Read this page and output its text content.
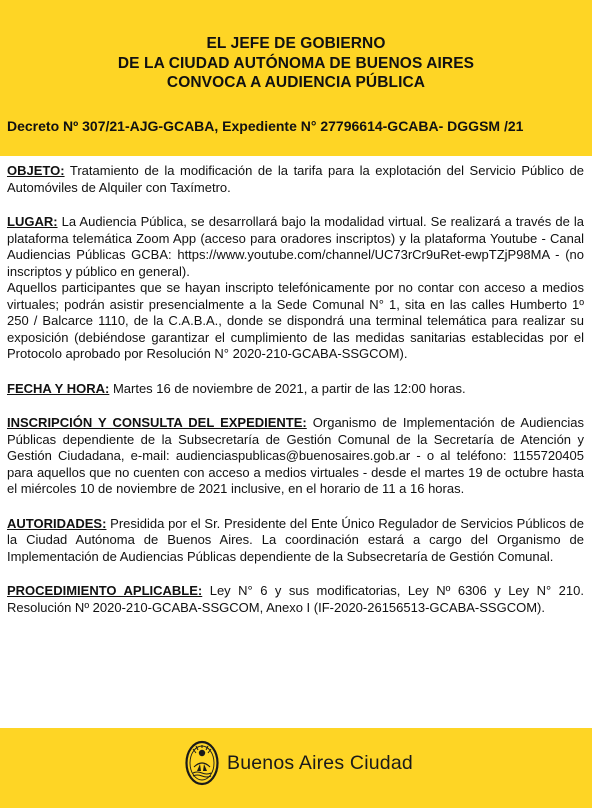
EL JEFE DE GOBIERNO
DE LA CIUDAD AUTÓNOMA DE BUENOS AIRES
CONVOCA A AUDIENCIA PÚBLICA
Decreto Nº 307/21-AJG-GCABA, Expediente N° 27796614-GCABA- DGGSM /21

OBJETO: Tratamiento de la modificación de la tarifa para la explotación del Servicio Público de Automóviles de Alquiler con Taxímetro.

LUGAR: La Audiencia Pública, se desarrollará bajo la modalidad virtual. Se realizará a través de la plataforma telemática Zoom App (acceso para oradores inscriptos) y la plataforma Youtube - Canal Audiencias Públicas GCBA: https://www.youtube.com/channel/UC73rCr9uRet-ewpTZjP98MA - (no inscriptos y público en general).

Aquellos participantes que se hayan inscripto telefónicamente por no contar con acceso a medios virtuales; podrán asistir presencialmente a la Sede Comunal N° 1, sita en las calles Humberto 1º 250 / Balcarce 1110, de la C.A.B.A., donde se dispondrá una terminal telemática para realizar su exposición (debiéndose garantizar el cumplimiento de las medidas sanitarias establecidas por el Protocolo aprobado por Resolución N° 2020-210-GCABA-SSGCOM).

FECHA Y HORA: Martes 16 de noviembre de 2021, a partir de las 12:00 horas.

INSCRIPCIÓN Y CONSULTA DEL EXPEDIENTE: Organismo de Implementación de Audiencias Públicas dependiente de la Subsecretaría de Gestión Comunal de la Secretaría de Atención y Gestión Ciudadana, e-mail: audienciaspublicas@buenosaires.gob.ar - o al teléfono: 1155720405 para aquellos que no cuenten con acceso a medios virtuales - desde el martes 19 de octubre hasta el miércoles 10 de noviembre de 2021 inclusive, en el horario de 11 a 16 horas.

AUTORIDADES: Presidida por el Sr. Presidente del Ente Único Regulador de Servicios Públicos de la Ciudad Autónoma de Buenos Aires. La coordinación estará a cargo del Organismo de Implementación de Audiencias Públicas dependiente de la Subsecretaría de Gestión Comunal.

PROCEDIMIENTO APLICABLE: Ley N° 6 y sus modificatorias, Ley Nº 6306 y Ley N° 210. Resolución Nº 2020-210-GCABA-SSGCOM, Anexo I (IF-2020-26156513-GCABA-SSGCOM).

Buenos Aires Ciudad
